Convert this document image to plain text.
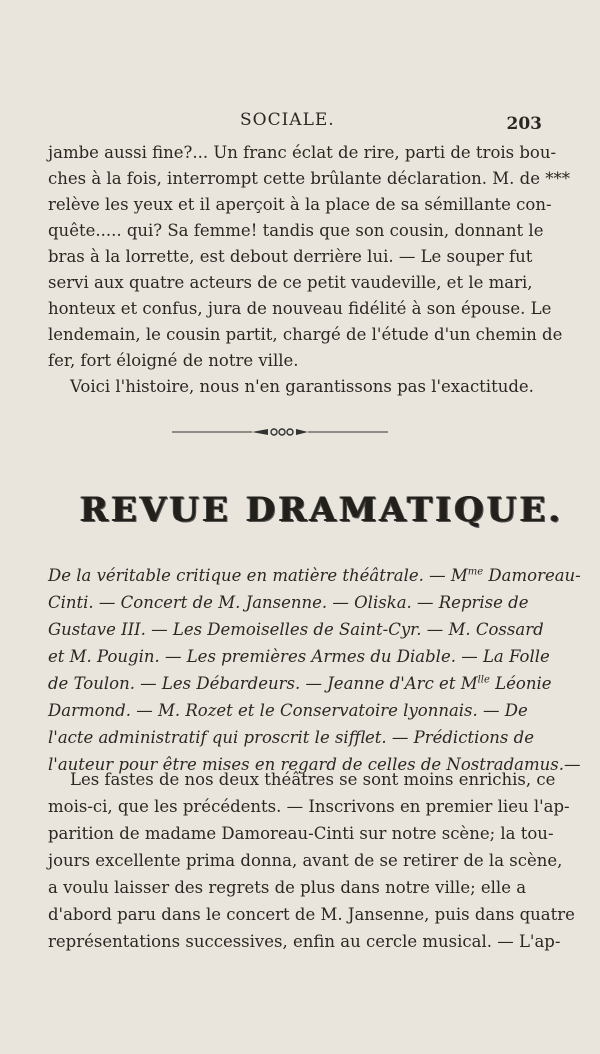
SOCIALE.	203
jambe aussi fine?... Un franc éclat de rire, parti de trois bou-
ches à la fois, interrompt cette brûlante déclaration. M. de ***
relève les yeux et il aperçoit à la place de sa sémillante con-
quête..... qui? Sa femme! tandis que son cousin, donnant le
bras à la lorrette, est debout derrière lui. — Le souper fut
servi aux quatre acteurs de ce petit vaudeville, et le mari,
honteux et confus, jura de nouveau fidélité à son épouse. Le
lendemain, le cousin partit, chargé de l'étude d'un chemin de
fer, fort éloigné de notre ville.
Voici l'histoire, nous n'en garantissons pas l'exactitude.
REVUE DRAMATIQUE.
De la véritable critique en matière théâtrale. — $M^{me}$ Damoreau-
Cinti. — Concert de M. Jansenne. — Oliska. — Reprise de
Gustave III. — Les Demoiselles de Saint-Cyr. — M. Cossard
et M. Pougin. — Les premières Armes du Diable. — La Folle
de Toulon. — Les Débardeurs. — Jeanne d'Arc et $M^{lle}$ Léonie
Darmond. — M. Rozet et le Conservatoire lyonnais. — De
l'acte administratif qui proscrit le sifflet. — Prédictions de
l'auteur pour être mises en regard de celles de Nostradamus.—
Les fastes de nos deux théâtres se sont moins enrichis, ce
mois-ci, que les précédents. — Inscrivons en premier lieu l'ap-
parition de madame Damoreau-Cinti sur notre scène; la tou-
jours excellente prima donna, avant de se retirer de la scène,
a voulu laisser des regrets de plus dans notre ville; elle a
d'abord paru dans le concert de M. Jansenne, puis dans quatre
représentations successives, enfin au cercle musical. — L'ap-
